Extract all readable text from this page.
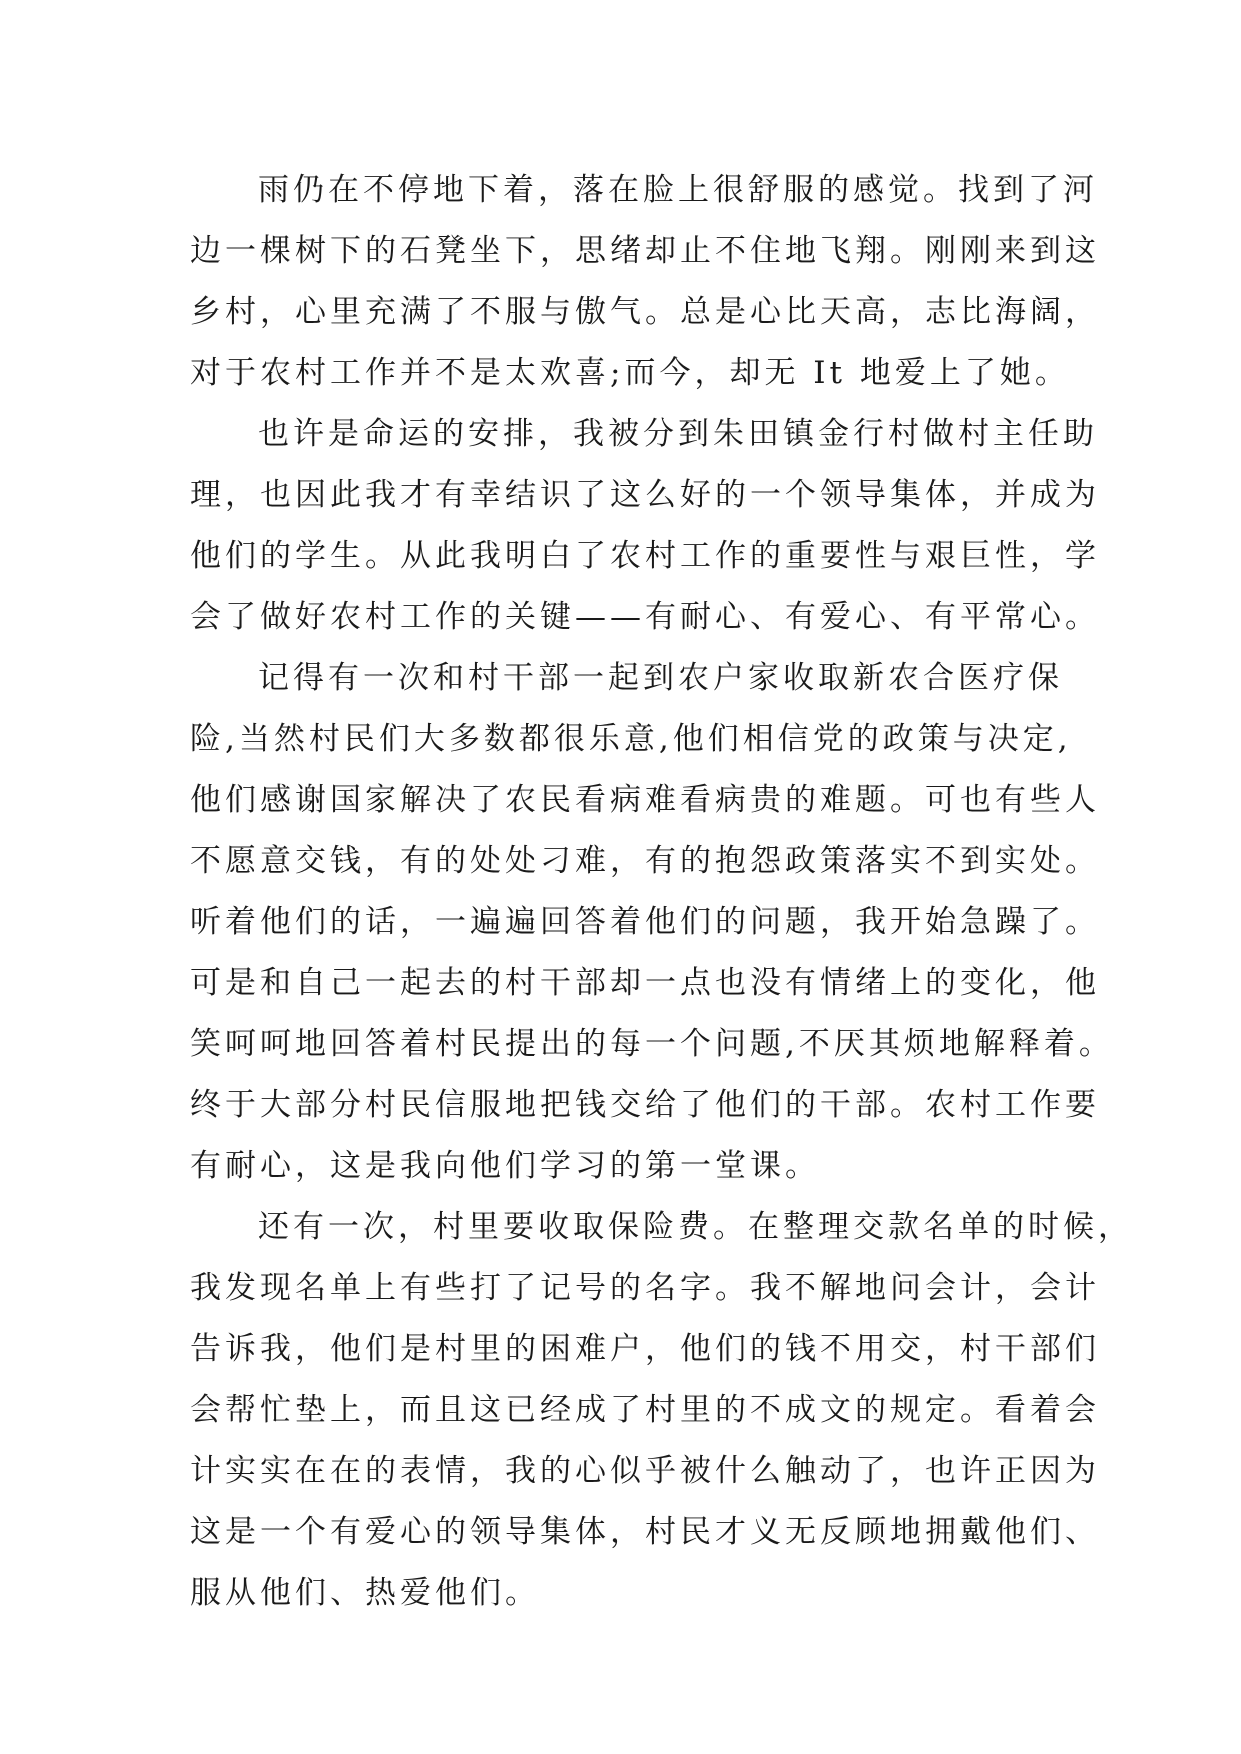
雨仍在不停地下着，落在脸上很舒服的感觉。找到了河
边一棵树下的石凳坐下，思绪却止不住地飞翔。刚刚来到这
乡村，心里充满了不服与傲气。总是心比天高，志比海阔，
对于农村工作并不是太欢喜;而今，却无 It 地爱上了她。
也许是命运的安排，我被分到朱田镇金行村做村主任助
理，也因此我才有幸结识了这么好的一个领导集体，并成为
他们的学生。从此我明白了农村工作的重要性与艰巨性，学
会了做好农村工作的关键——有耐心、有爱心、有平常心。
记得有一次和村干部一起到农户家收取新农合医疗保
险,当然村民们大多数都很乐意,他们相信党的政策与决定,
他们感谢国家解决了农民看病难看病贵的难题。可也有些人
不愿意交钱，有的处处刁难，有的抱怨政策落实不到实处。
听着他们的话，一遍遍回答着他们的问题，我开始急躁了。
可是和自己一起去的村干部却一点也没有情绪上的变化，他
笑呵呵地回答着村民提出的每一个问题,不厌其烦地解释着。
终于大部分村民信服地把钱交给了他们的干部。农村工作要
有耐心，这是我向他们学习的第一堂课。
还有一次，村里要收取保险费。在整理交款名单的时候，
我发现名单上有些打了记号的名字。我不解地问会计，会计
告诉我，他们是村里的困难户，他们的钱不用交，村干部们
会帮忙垫上，而且这已经成了村里的不成文的规定。看着会
计实实在在的表情，我的心似乎被什么触动了，也许正因为
这是一个有爱心的领导集体，村民才义无反顾地拥戴他们、
服从他们、热爱他们。
